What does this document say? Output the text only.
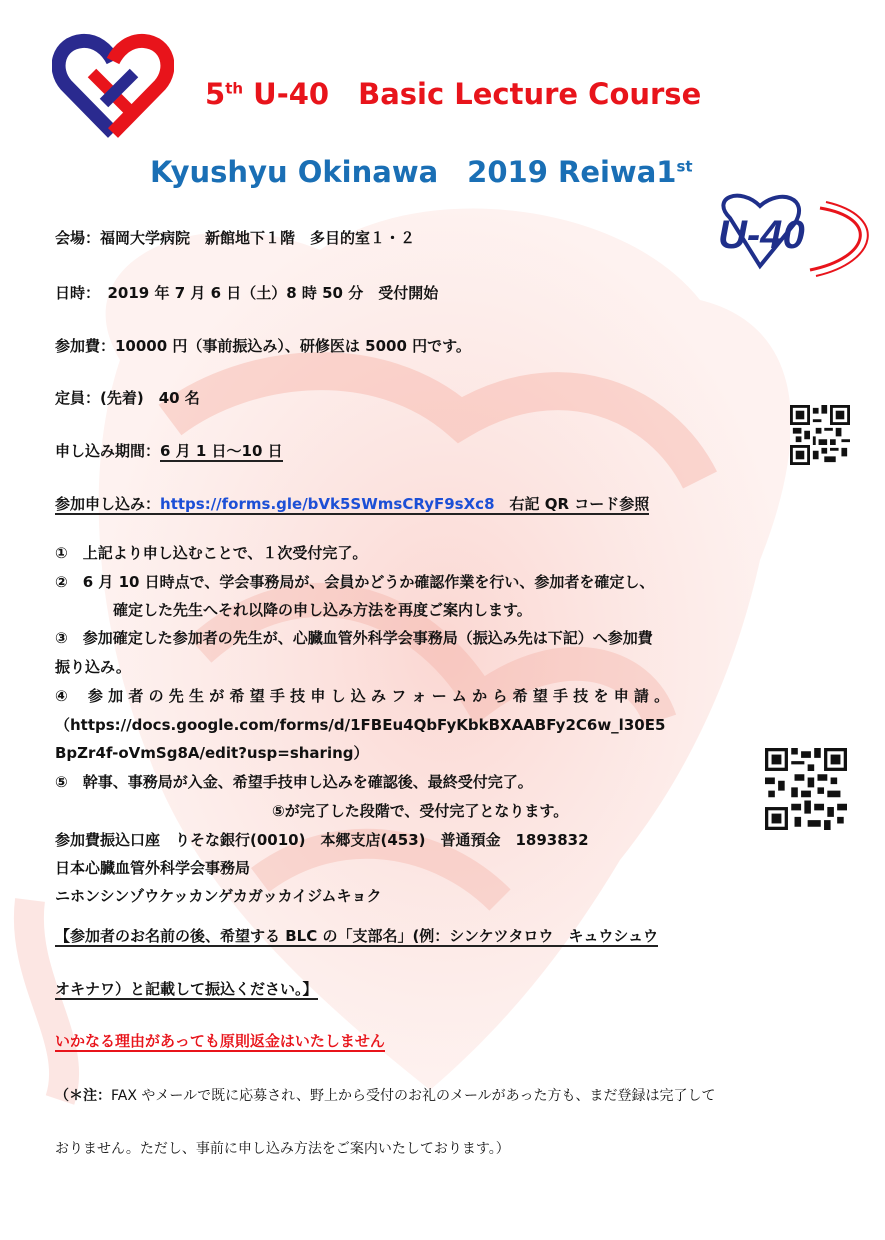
5th U-40　Basic Lecture Course
Kyushyu Okinawa　2019 Reiwa1st
U-40
会場：福岡大学病院　新館地下１階　多目的室１・２
日時：　2019 年 7 月 6 日（土）8 時 50 分　受付開始
参加費：10000 円（事前振込み）、研修医は 5000 円です。
定員：(先着)　40 名
申し込み期間：6 月 1 日～10 日
参加申し込み：https://forms.gle/bVk5SWmsCRyF9sXc8　右記 QR コード参照
①　上記より申し込むことで、１次受付完了。
②　6 月 10 日時点で、学会事務局が、会員かどうか確認作業を行い、参加者を確定し、
確定した先生へそれ以降の申し込み方法を再度ご案内します。
③　参加確定した参加者の先生が、心臓血管外科学会事務局（振込み先は下記）へ参加費
振り込み。
④　 参 加 者 の 先 生 が 希 望 手 技 申 し 込 み フ ォ ー ム か ら 希 望 手 技 を 申 請 。
（https://docs.google.com/forms/d/1FBEu4QbFyKbkBXAABFy2C6w_l30E5
BpZr4f-oVmSg8A/edit?usp=sharing）
⑤　幹事、事務局が入金、希望手技申し込みを確認後、最終受付完了。
⑤が完了した段階で、受付完了となります。
参加費振込口座　りそな銀行(0010)　本郷支店(453)　普通預金　1893832
日本心臓血管外科学会事務局
ニホンシンゾウケッカンゲカガッカイジムキョク
【参加者のお名前の後、希望する BLC の「支部名」(例：シンケツタロウ　キュウシュウ
オキナワ）と記載して振込ください。】
いかなる理由があっても原則返金はいたしません
（＊注：FAX やメールで既に応募され、野上から受付のお礼のメールがあった方も、まだ登録は完了して
おりません。ただし、事前に申し込み方法をご案内いたしております。）
